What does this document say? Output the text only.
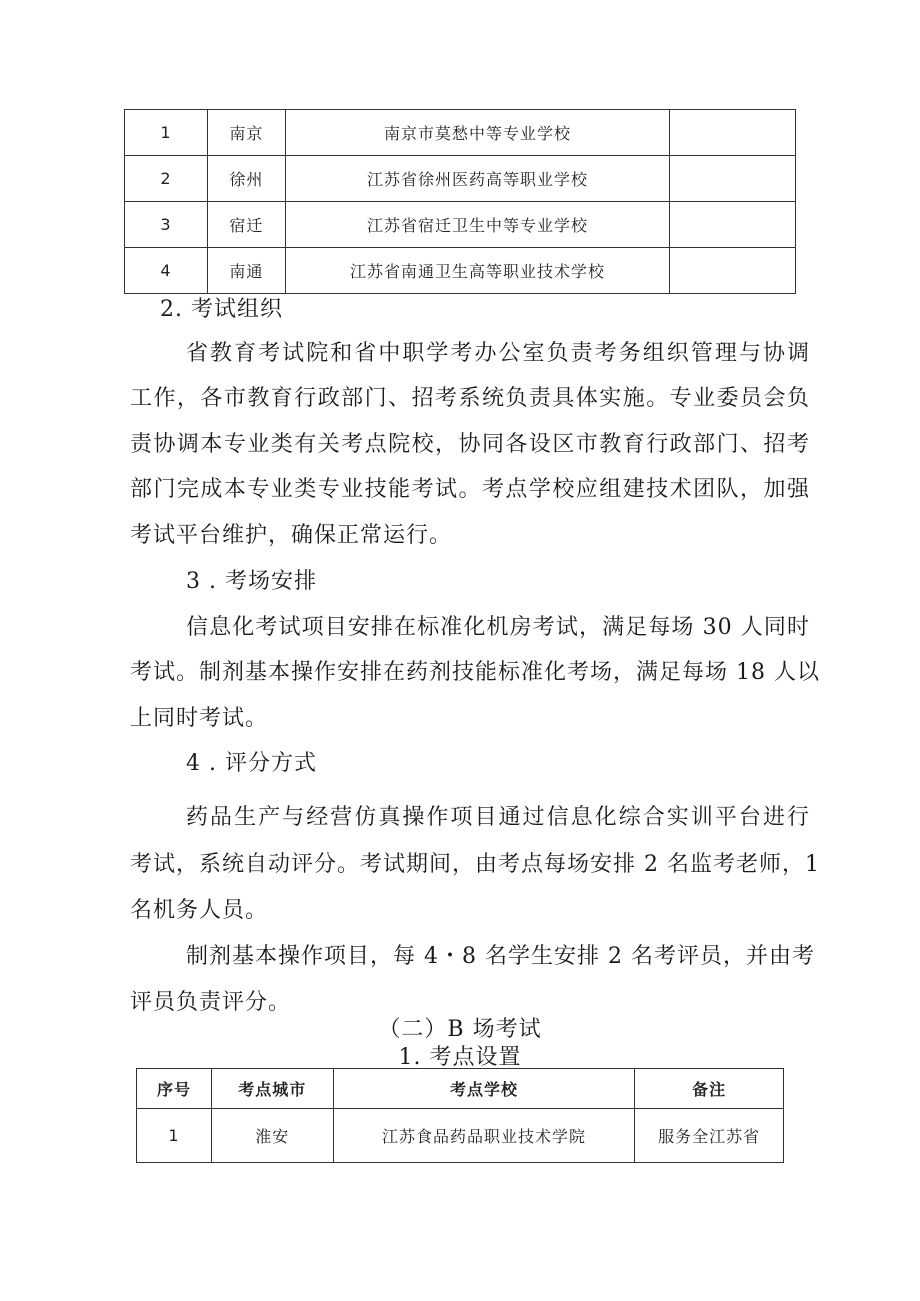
1	南京	南京市莫愁中等专业学校	
2	徐州	江苏省徐州医药高等职业学校	
3	宿迁	江苏省宿迁卫生中等专业学校	
4	南通	江苏省南通卫生高等职业技术学校	
2. 考试组织
省教育考试院和省中职学考办公室负责考务组织管理与协调
工作，各市教育行政部门、招考系统负责具体实施。专业委员会负
责协调本专业类有关考点院校，协同各设区市教育行政部门、招考
部门完成本专业类专业技能考试。考点学校应组建技术团队，加强
考试平台维护，确保正常运行。
3 . 考场安排
信息化考试项目安排在标准化机房考试，满足每场 30 人同时
考试。制剂基本操作安排在药剂技能标准化考场，满足每场 18 人以
上同时考试。
4 . 评分方式
药品生产与经营仿真操作项目通过信息化综合实训平台进行
考试，系统自动评分。考试期间，由考点每场安排 2 名监考老师，1
名机务人员。
制剂基本操作项目，每 4・8 名学生安排 2 名考评员，并由考
评员负责评分。
（二）B 场考试
1. 考点设置
序号	考点城市	考点学校	备注
1	淮安	江苏食品药品职业技术学院	服务全江苏省
